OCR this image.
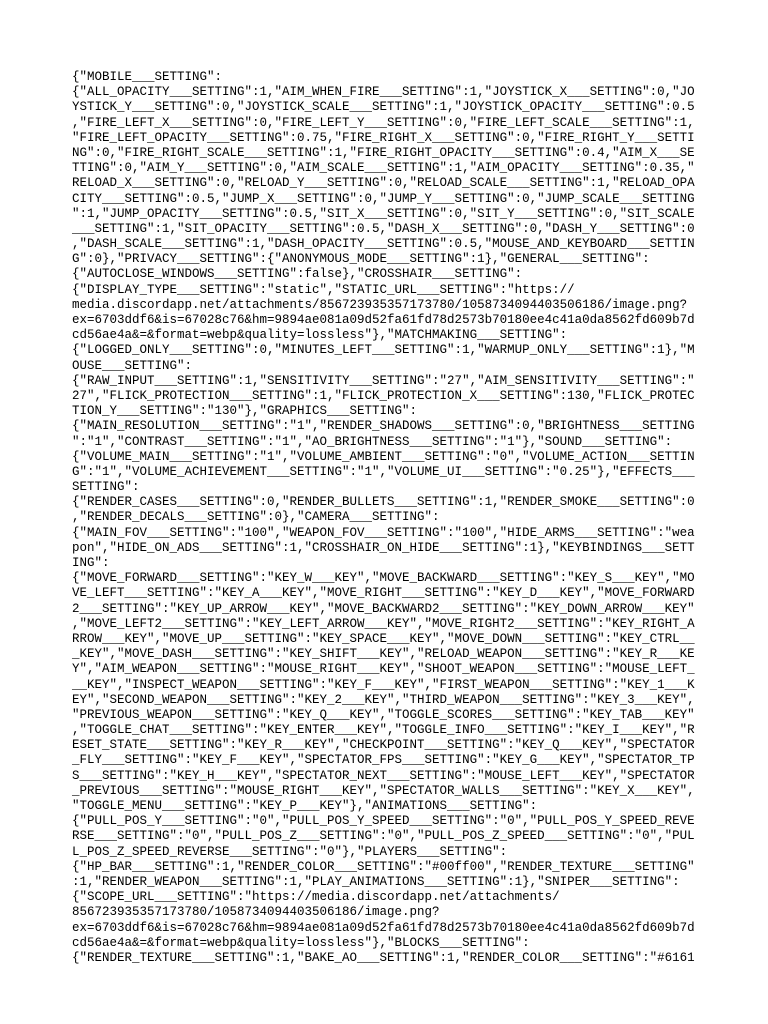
{"MOBILE___SETTING":
{"ALL_OPACITY___SETTING":1,"AIM_WHEN_FIRE___SETTING":1,"JOYSTICK_X___SETTING":0,"JO
YSTICK_Y___SETTING":0,"JOYSTICK_SCALE___SETTING":1,"JOYSTICK_OPACITY___SETTING":0.5
,"FIRE_LEFT_X___SETTING":0,"FIRE_LEFT_Y___SETTING":0,"FIRE_LEFT_SCALE___SETTING":1,
"FIRE_LEFT_OPACITY___SETTING":0.75,"FIRE_RIGHT_X___SETTING":0,"FIRE_RIGHT_Y___SETTI
NG":0,"FIRE_RIGHT_SCALE___SETTING":1,"FIRE_RIGHT_OPACITY___SETTING":0.4,"AIM_X___SE
TTING":0,"AIM_Y___SETTING":0,"AIM_SCALE___SETTING":1,"AIM_OPACITY___SETTING":0.35,"
RELOAD_X___SETTING":0,"RELOAD_Y___SETTING":0,"RELOAD_SCALE___SETTING":1,"RELOAD_OPA
CITY___SETTING":0.5,"JUMP_X___SETTING":0,"JUMP_Y___SETTING":0,"JUMP_SCALE___SETTING
":1,"JUMP_OPACITY___SETTING":0.5,"SIT_X___SETTING":0,"SIT_Y___SETTING":0,"SIT_SCALE
___SETTING":1,"SIT_OPACITY___SETTING":0.5,"DASH_X___SETTING":0,"DASH_Y___SETTING":0
,"DASH_SCALE___SETTING":1,"DASH_OPACITY___SETTING":0.5,"MOUSE_AND_KEYBOARD___SETTIN
G":0},"PRIVACY___SETTING":{"ANONYMOUS_MODE___SETTING":1},"GENERAL___SETTING":
{"AUTOCLOSE_WINDOWS___SETTING":false},"CROSSHAIR___SETTING":
{"DISPLAY_TYPE___SETTING":"static","STATIC_URL___SETTING":"https://
media.discordapp.net/attachments/856723935357173780/1058734094403506186/image.png?
ex=6703ddf6&is=67028c76&hm=9894ae081a09d52fa61fd78d2573b70180ee4c41a0da8562fd609b7d
cd56ae4a&=&format=webp&quality=lossless"},"MATCHMAKING___SETTING":
{"LOGGED_ONLY___SETTING":0,"MINUTES_LEFT___SETTING":1,"WARMUP_ONLY___SETTING":1},"M
OUSE___SETTING":
{"RAW_INPUT___SETTING":1,"SENSITIVITY___SETTING":"27","AIM_SENSITIVITY___SETTING":"
27","FLICK_PROTECTION___SETTING":1,"FLICK_PROTECTION_X___SETTING":130,"FLICK_PROTEC
TION_Y___SETTING":"130"},"GRAPHICS___SETTING":
{"MAIN_RESOLUTION___SETTING":"1","RENDER_SHADOWS___SETTING":0,"BRIGHTNESS___SETTING
":"1","CONTRAST___SETTING":"1","AO_BRIGHTNESS___SETTING":"1"},"SOUND___SETTING":
{"VOLUME_MAIN___SETTING":"1","VOLUME_AMBIENT___SETTING":"0","VOLUME_ACTION___SETTIN
G":"1","VOLUME_ACHIEVEMENT___SETTING":"1","VOLUME_UI___SETTING":"0.25"},"EFFECTS___
SETTING":
{"RENDER_CASES___SETTING":0,"RENDER_BULLETS___SETTING":1,"RENDER_SMOKE___SETTING":0
,"RENDER_DECALS___SETTING":0},"CAMERA___SETTING":
{"MAIN_FOV___SETTING":"100","WEAPON_FOV___SETTING":"100","HIDE_ARMS___SETTING":"wea
pon","HIDE_ON_ADS___SETTING":1,"CROSSHAIR_ON_HIDE___SETTING":1},"KEYBINDINGS___SETT
ING":
{"MOVE_FORWARD___SETTING":"KEY_W___KEY","MOVE_BACKWARD___SETTING":"KEY_S___KEY","MO
VE_LEFT___SETTING":"KEY_A___KEY","MOVE_RIGHT___SETTING":"KEY_D___KEY","MOVE_FORWARD
2___SETTING":"KEY_UP_ARROW___KEY","MOVE_BACKWARD2___SETTING":"KEY_DOWN_ARROW___KEY"
,"MOVE_LEFT2___SETTING":"KEY_LEFT_ARROW___KEY","MOVE_RIGHT2___SETTING":"KEY_RIGHT_A
RROW___KEY","MOVE_UP___SETTING":"KEY_SPACE___KEY","MOVE_DOWN___SETTING":"KEY_CTRL__
_KEY","MOVE_DASH___SETTING":"KEY_SHIFT___KEY","RELOAD_WEAPON___SETTING":"KEY_R___KE
Y","AIM_WEAPON___SETTING":"MOUSE_RIGHT___KEY","SHOOT_WEAPON___SETTING":"MOUSE_LEFT_
__KEY","INSPECT_WEAPON___SETTING":"KEY_F___KEY","FIRST_WEAPON___SETTING":"KEY_1___K
EY","SECOND_WEAPON___SETTING":"KEY_2___KEY","THIRD_WEAPON___SETTING":"KEY_3___KEY",
"PREVIOUS_WEAPON___SETTING":"KEY_Q___KEY","TOGGLE_SCORES___SETTING":"KEY_TAB___KEY"
,"TOGGLE_CHAT___SETTING":"KEY_ENTER___KEY","TOGGLE_INFO___SETTING":"KEY_I___KEY","R
ESET_STATE___SETTING":"KEY_R___KEY","CHECKPOINT___SETTING":"KEY_Q___KEY","SPECTATOR
_FLY___SETTING":"KEY_F___KEY","SPECTATOR_FPS___SETTING":"KEY_G___KEY","SPECTATOR_TP
S___SETTING":"KEY_H___KEY","SPECTATOR_NEXT___SETTING":"MOUSE_LEFT___KEY","SPECTATOR
_PREVIOUS___SETTING":"MOUSE_RIGHT___KEY","SPECTATOR_WALLS___SETTING":"KEY_X___KEY",
"TOGGLE_MENU___SETTING":"KEY_P___KEY"},"ANIMATIONS___SETTING":
{"PULL_POS_Y___SETTING":"0","PULL_POS_Y_SPEED___SETTING":"0","PULL_POS_Y_SPEED_REVE
RSE___SETTING":"0","PULL_POS_Z___SETTING":"0","PULL_POS_Z_SPEED___SETTING":"0","PUL
L_POS_Z_SPEED_REVERSE___SETTING":"0"},"PLAYERS___SETTING":
{"HP_BAR___SETTING":1,"RENDER_COLOR___SETTING":"#00ff00","RENDER_TEXTURE___SETTING"
:1,"RENDER_WEAPON___SETTING":1,"PLAY_ANIMATIONS___SETTING":1},"SNIPER___SETTING":
{"SCOPE_URL___SETTING":"https://media.discordapp.net/attachments/
856723935357173780/1058734094403506186/image.png?
ex=6703ddf6&is=67028c76&hm=9894ae081a09d52fa61fd78d2573b70180ee4c41a0da8562fd609b7d
cd56ae4a&=&format=webp&quality=lossless"},"BLOCKS___SETTING":
{"RENDER_TEXTURE___SETTING":1,"BAKE_AO___SETTING":1,"RENDER_COLOR___SETTING":"#6161
